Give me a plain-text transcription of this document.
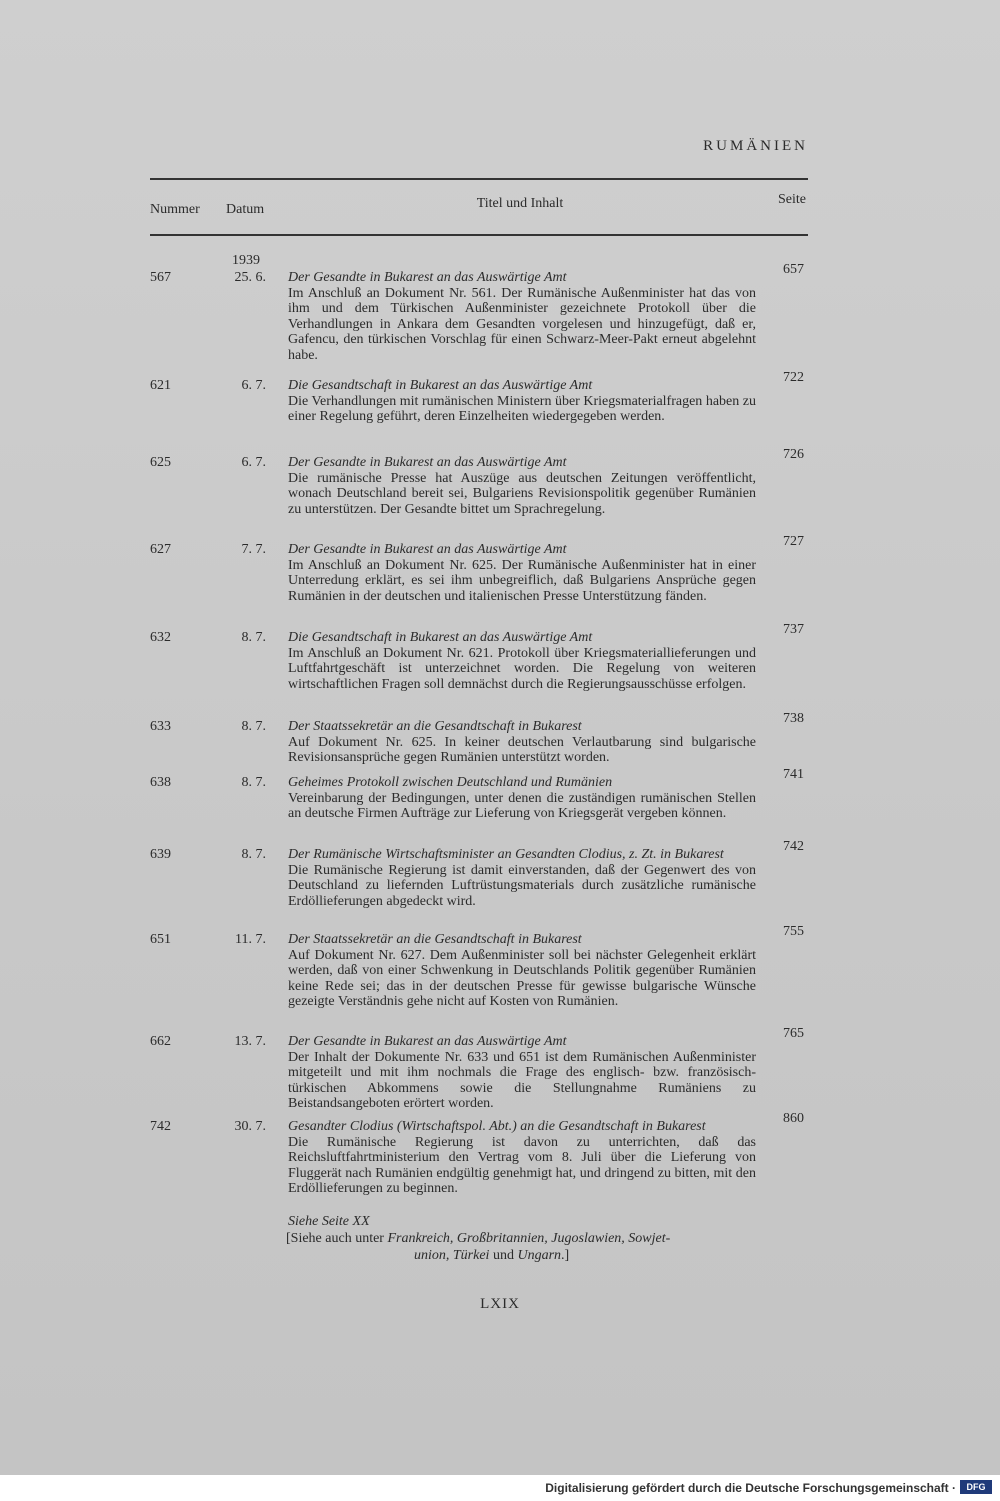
RUMÄNIEN
Nummer Datum	Titel und Inhalt	Seite
1939
567	25. 6. Der Gesandte in Bukarest an das Auswärtige Amt
Im Anschluß an Dokument Nr. 561. Der Rumänische Außenminister hat das von ihm und dem Türkischen Außenminister gezeichnete Protokoll über die Verhandlungen in Ankara dem Gesandten vorgelesen und hinzugefügt, daß er, Gafencu, den türkischen Vorschlag für einen Schwarz-Meer-Pakt erneut abgelehnt habe.
657
621	6. 7. Die Gesandtschaft in Bukarest an das Auswärtige Amt
Die Verhandlungen mit rumänischen Ministern über Kriegsmaterialfragen haben zu einer Regelung geführt, deren Einzelheiten wiedergegeben werden.
722
625	6. 7. Der Gesandte in Bukarest an das Auswärtige Amt
Die rumänische Presse hat Auszüge aus deutschen Zeitungen veröffentlicht, wonach Deutschland bereit sei, Bulgariens Revisionspolitik gegenüber Rumänien zu unterstützen. Der Gesandte bittet um Sprachregelung.
726
627	7. 7. Der Gesandte in Bukarest an das Auswärtige Amt
Im Anschluß an Dokument Nr. 625. Der Rumänische Außenminister hat in einer Unterredung erklärt, es sei ihm unbegreiflich, daß Bulgariens Ansprüche gegen Rumänien in der deutschen und italienischen Presse Unterstützung fänden.
727
632	8. 7. Die Gesandtschaft in Bukarest an das Auswärtige Amt
Im Anschluß an Dokument Nr. 621. Protokoll über Kriegsmateriallieferungen und Luftfahrtgeschäft ist unterzeichnet worden. Die Regelung von weiteren wirtschaftlichen Fragen soll demnächst durch die Regierungsausschüsse erfolgen.
737
633	8. 7. Der Staatssekretär an die Gesandtschaft in Bukarest
Auf Dokument Nr. 625. In keiner deutschen Verlautbarung sind bulgarische Revisionsansprüche gegen Rumänien unterstützt worden.
738
638	8. 7. Geheimes Protokoll zwischen Deutschland und Rumänien
Vereinbarung der Bedingungen, unter denen die zuständigen rumänischen Stellen an deutsche Firmen Aufträge zur Lieferung von Kriegsgerät vergeben können.
741
639	8. 7. Der Rumänische Wirtschaftsminister an Gesandten Clodius, z. Zt. in Bukarest
Die Rumänische Regierung ist damit einverstanden, daß der Gegenwert des von Deutschland zu liefernden Luftrüstungsmaterials durch zusätzliche rumänische Erdöllieferungen abgedeckt wird.
742
651	11. 7. Der Staatssekretär an die Gesandtschaft in Bukarest
Auf Dokument Nr. 627. Dem Außenminister soll bei nächster Gelegenheit erklärt werden, daß von einer Schwenkung in Deutschlands Politik gegenüber Rumänien keine Rede sei; das in der deutschen Presse für gewisse bulgarische Wünsche gezeigte Verständnis gehe nicht auf Kosten von Rumänien.
755
662	13. 7. Der Gesandte in Bukarest an das Auswärtige Amt
Der Inhalt der Dokumente Nr. 633 und 651 ist dem Rumänischen Außenminister mitgeteilt und mit ihm nochmals die Frage des englisch- bzw. französisch-türkischen Abkommens sowie die Stellungnahme Rumäniens zu Beistandsangeboten erörtert worden.
765
742	30. 7. Gesandter Clodius (Wirtschaftspol. Abt.) an die Gesandtschaft in Bukarest
Die Rumänische Regierung ist davon zu unterrichten, daß das Reichsluftfahrtministerium den Vertrag vom 8. Juli über die Lieferung von Fluggerät nach Rumänien endgültig genehmigt hat, und dringend zu bitten, mit den Erdöllieferungen zu beginnen.
860
Siehe Seite XX
[Siehe auch unter Frankreich, Großbritannien, Jugoslawien, Sowjet-
union, Türkei und Ungarn.]
LXIX
Digitalisierung gefördert durch die Deutsche Forschungsgemeinschaft ·	DFG
